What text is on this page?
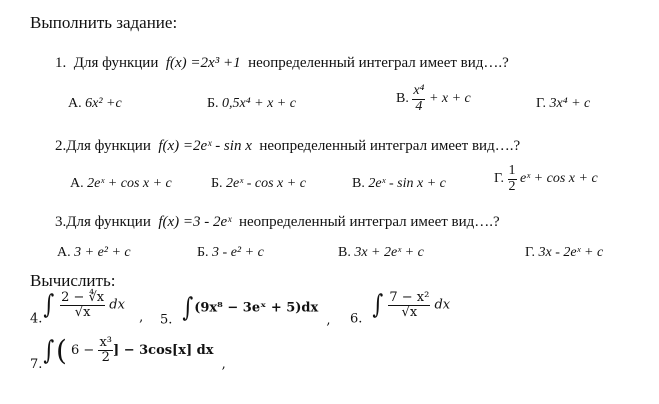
Выполнить задание:
1. Для функции f(x) =2x³ +1 неопределенный интеграл имеет вид….?
А. 6x² +c	Б. 0,5x⁴ + x + c	В. $\frac{\text{x⁴}}{4} + x + c$	Г. 3x⁴ + c
2.Для функции f(x) =2eˣ - sin x неопределенный интеграл имеет вид….?
А. 2eˣ + cos x + c	Б. 2eˣ - cos x + c	В. 2eˣ - sin x + c	Г. $\frac{1}{2}$ eˣ + cos x + c
3.Для функции f(x) =3 - 2eˣ неопределенный интеграл имеет вид….?
А. 3 + e² + c	Б. 3 - e² + c	В. 3x + 2eˣ + c	Г. 3x - 2eˣ + c
Вычислить:
$4.\int \frac{2 - ∜x}{√x}$ dx , 5. ∫(9x⁸ − 3eˣ + 5)dx , 6. ∫ $\frac{\text{7 − x²}}{√x}$ dx
7.∫( $6 - \frac{\text{x³}}{2}$ ] − 3cos[x] dx ,
